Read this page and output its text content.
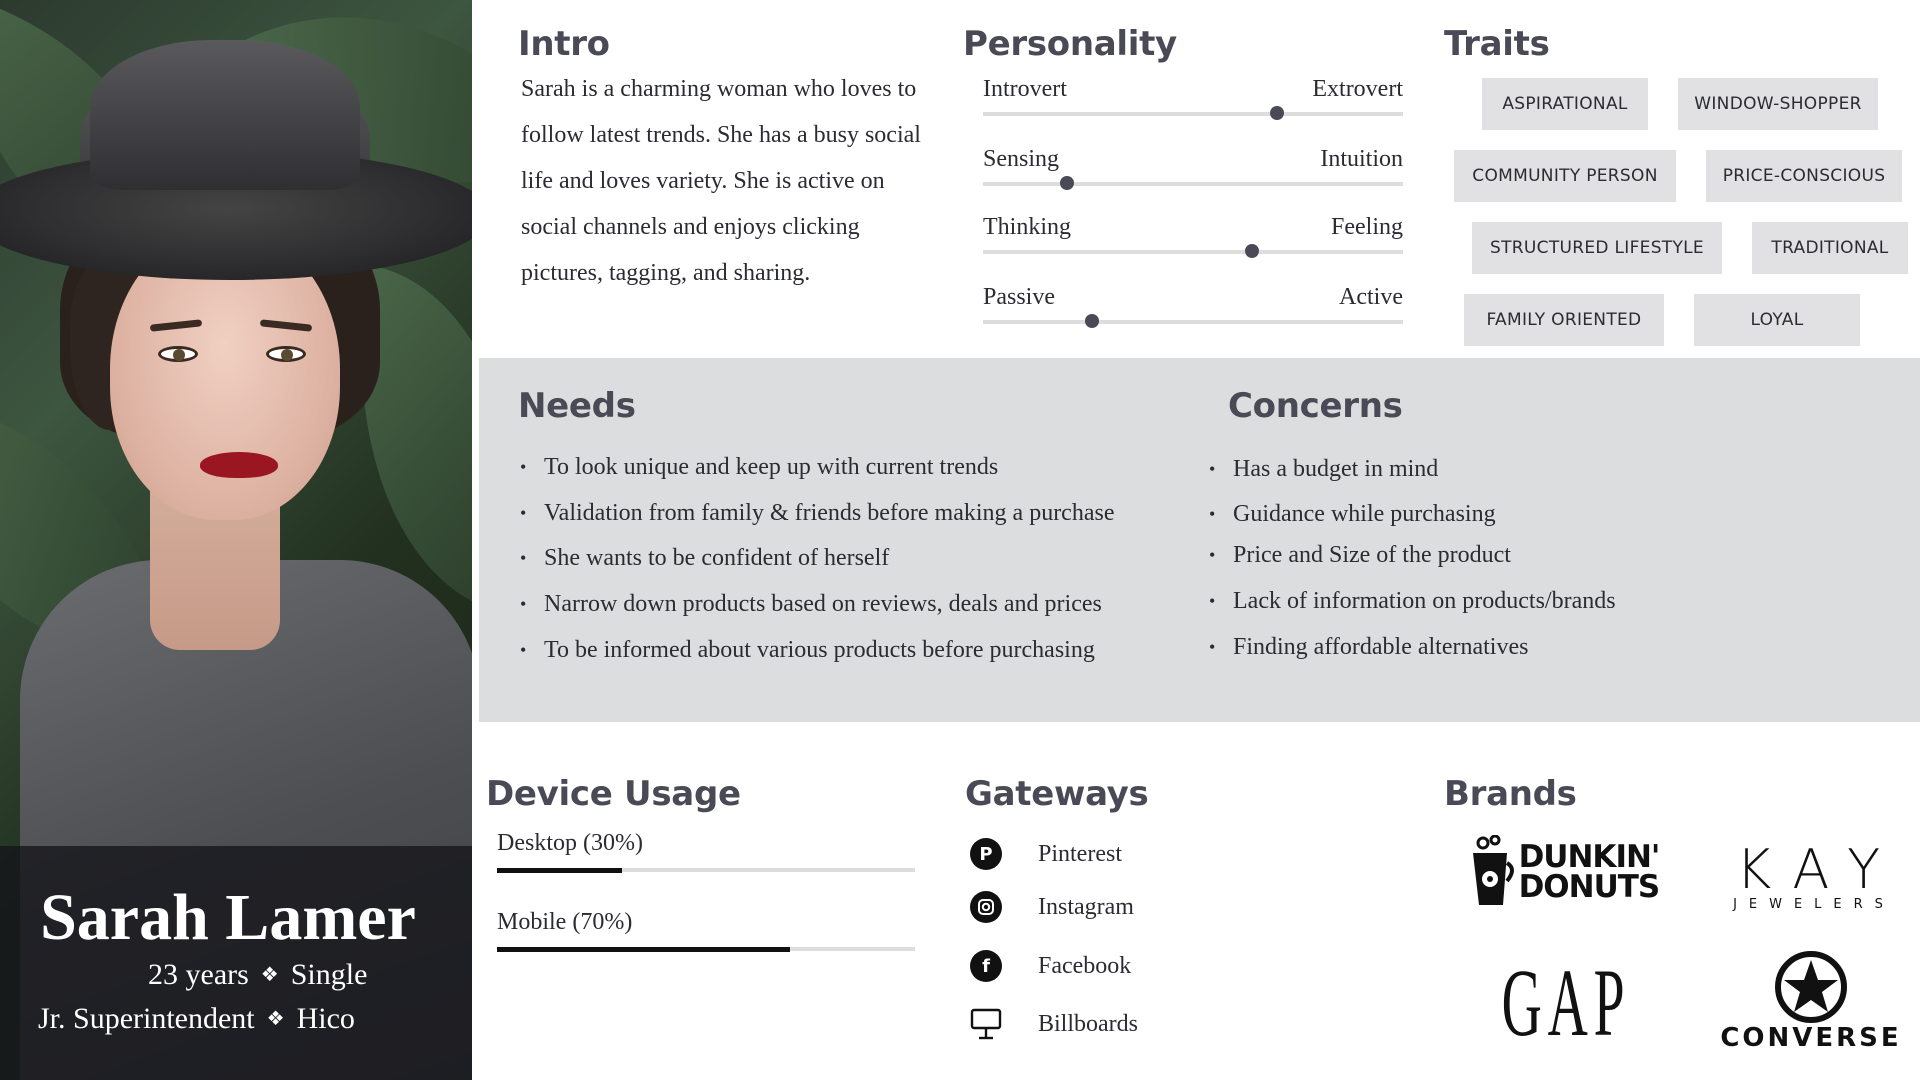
Sarah Lamer
23 years ❖ Single
Jr. Superintendent ❖ Hico
Intro
Sarah is a charming woman who loves to follow latest trends. She has a busy social life and loves variety. She is active on social channels and enjoys clicking pictures, tagging, and sharing.
Personality
Introvert	Extrovert
Sensing	Intuition
Thinking	Feeling
Passive	Active
Traits
ASPIRATIONAL	WINDOW-SHOPPER
COMMUNITY PERSON	PRICE-CONSCIOUS
STRUCTURED LIFESTYLE	TRADITIONAL
FAMILY ORIENTED	LOYAL
Needs
• To look unique and keep up with current trends
• Validation from family & friends before making a purchase
• She wants to be confident of herself
• Narrow down products based on reviews, deals and prices
• To be informed about various products before purchasing
Concerns
• Has a budget in mind
• Guidance while purchasing
• Price and Size of the product
• Lack of information on products/brands
• Finding affordable alternatives
Device Usage
Desktop (30%)
Mobile (70%)
Gateways
P	Pinterest
Instagram
f	Facebook
Billboards
Brands
DUNKIN'
DONUTS KAY
JEWELERS
GAP	CONVERSE
